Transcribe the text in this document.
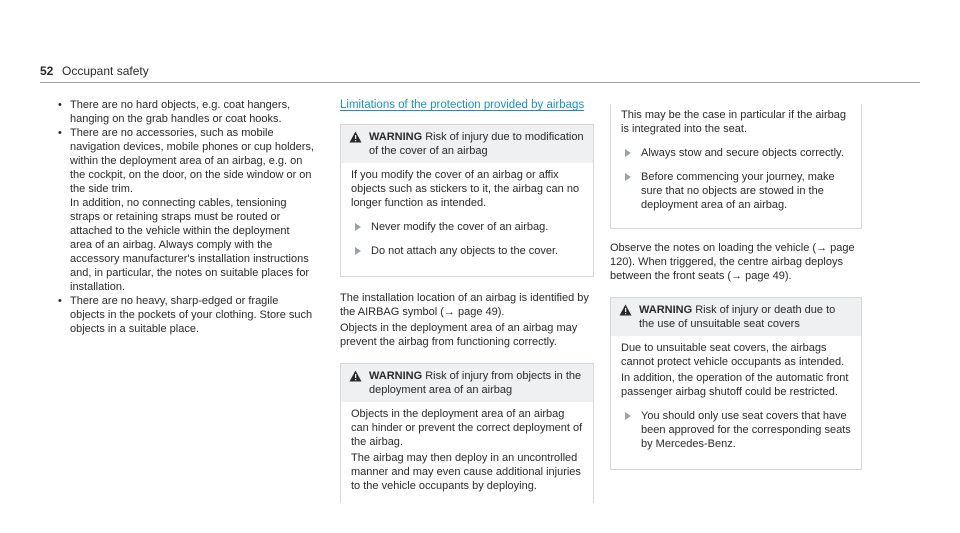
52 Occupant safety

• There are no hard objects, e.g. coat hangers, hanging on the grab handles or coat hooks.

• There are no accessories, such as mobile navigation devices, mobile phones or cup holders, within the deployment area of an airbag, e.g. on the cockpit, on the door, on the side window or on the side trim.

In addition, no connecting cables, tensioning straps or retaining straps must be routed or attached to the vehicle within the deployment area of an airbag. Always comply with the accessory manufacturer's installation instructions and, in particular, the notes on suitable places for installation.

• There are no heavy, sharp-edged or fragile objects in the pockets of your clothing. Store such objects in a suitable place.

Limitations of the protection provided by airbags
WARNING Risk of injury due to modification of the cover of an airbag

If you modify the cover of an airbag or affix objects such as stickers to it, the airbag can no longer function as intended.

Never modify the cover of an airbag.
Do not attach any objects to the cover.

The installation location of an airbag is identified by the AIRBAG symbol (→ page 49).

Objects in the deployment area of an airbag may prevent the airbag from functioning correctly.

WARNING Risk of injury from objects in the deployment area of an airbag

Objects in the deployment area of an airbag can hinder or prevent the correct deployment of the airbag.

The airbag may then deploy in an uncontrolled manner and may even cause additional injuries to the vehicle occupants by deploying.

This may be the case in particular if the airbag is integrated into the seat.

Always stow and secure objects correctly.
Before commencing your journey, make sure that no objects are stowed in the deployment area of an airbag.

Observe the notes on loading the vehicle (→ page 120). When triggered, the centre airbag deploys between the front seats (→ page 49).

WARNING Risk of injury or death due to the use of unsuitable seat covers

Due to unsuitable seat covers, the airbags cannot protect vehicle occupants as intended.

In addition, the operation of the automatic front passenger airbag shutoff could be restricted.

You should only use seat covers that have been approved for the corresponding seats by Mercedes-Benz.
